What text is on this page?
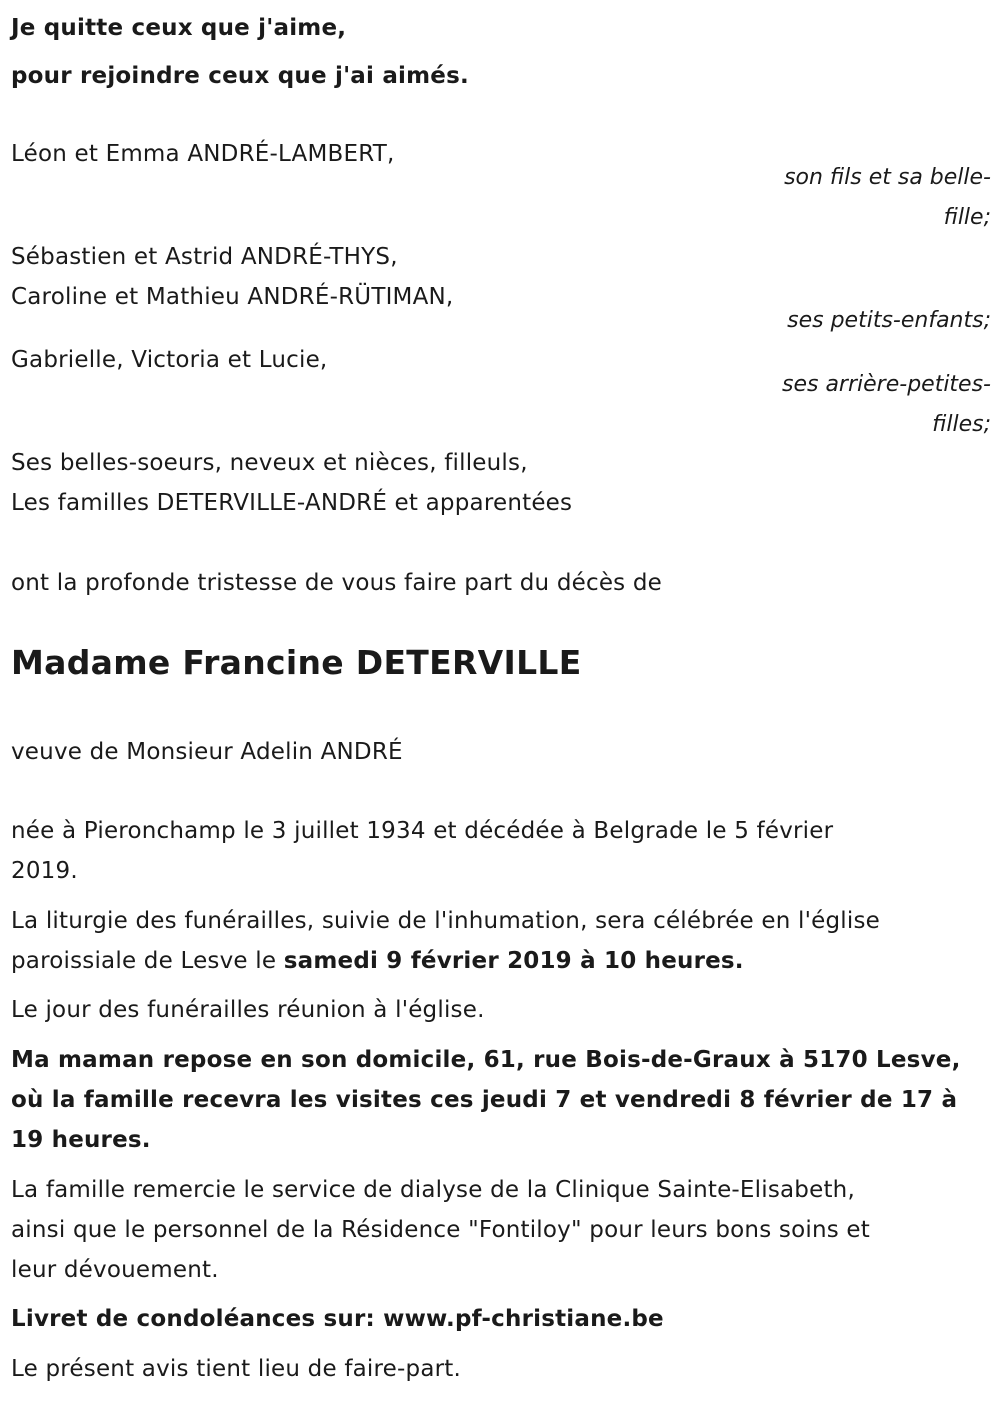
Je quitte ceux que j'aime,
pour rejoindre ceux que j'ai aimés.
Léon et Emma ANDRÉ-LAMBERT,
son fils et sa belle-
fille;
Sébastien et Astrid ANDRÉ-THYS,
Caroline et Mathieu ANDRÉ-RÜTIMAN,
ses petits-enfants;
Gabrielle, Victoria et Lucie,
ses arrière-petites-
filles;
Ses belles-soeurs, neveux et nièces, filleuls,
Les familles DETERVILLE-ANDRÉ et apparentées
ont la profonde tristesse de vous faire part du décès de
Madame Francine DETERVILLE
veuve de Monsieur Adelin ANDRÉ
née à Pieronchamp le 3 juillet 1934 et décédée à Belgrade le 5 février
2019.
La liturgie des funérailles, suivie de l'inhumation, sera célébrée en l'église
paroissiale de Lesve le samedi 9 février 2019 à 10 heures.
Le jour des funérailles réunion à l'église.
Ma maman repose en son domicile, 61, rue Bois-de-Graux à 5170 Lesve,
où la famille recevra les visites ces jeudi 7 et vendredi 8 février de 17 à
19 heures.
La famille remercie le service de dialyse de la Clinique Sainte-Elisabeth,
ainsi que le personnel de la Résidence "Fontiloy" pour leurs bons soins et
leur dévouement.
Livret de condoléances sur: www.pf-christiane.be
Le présent avis tient lieu de faire-part.
